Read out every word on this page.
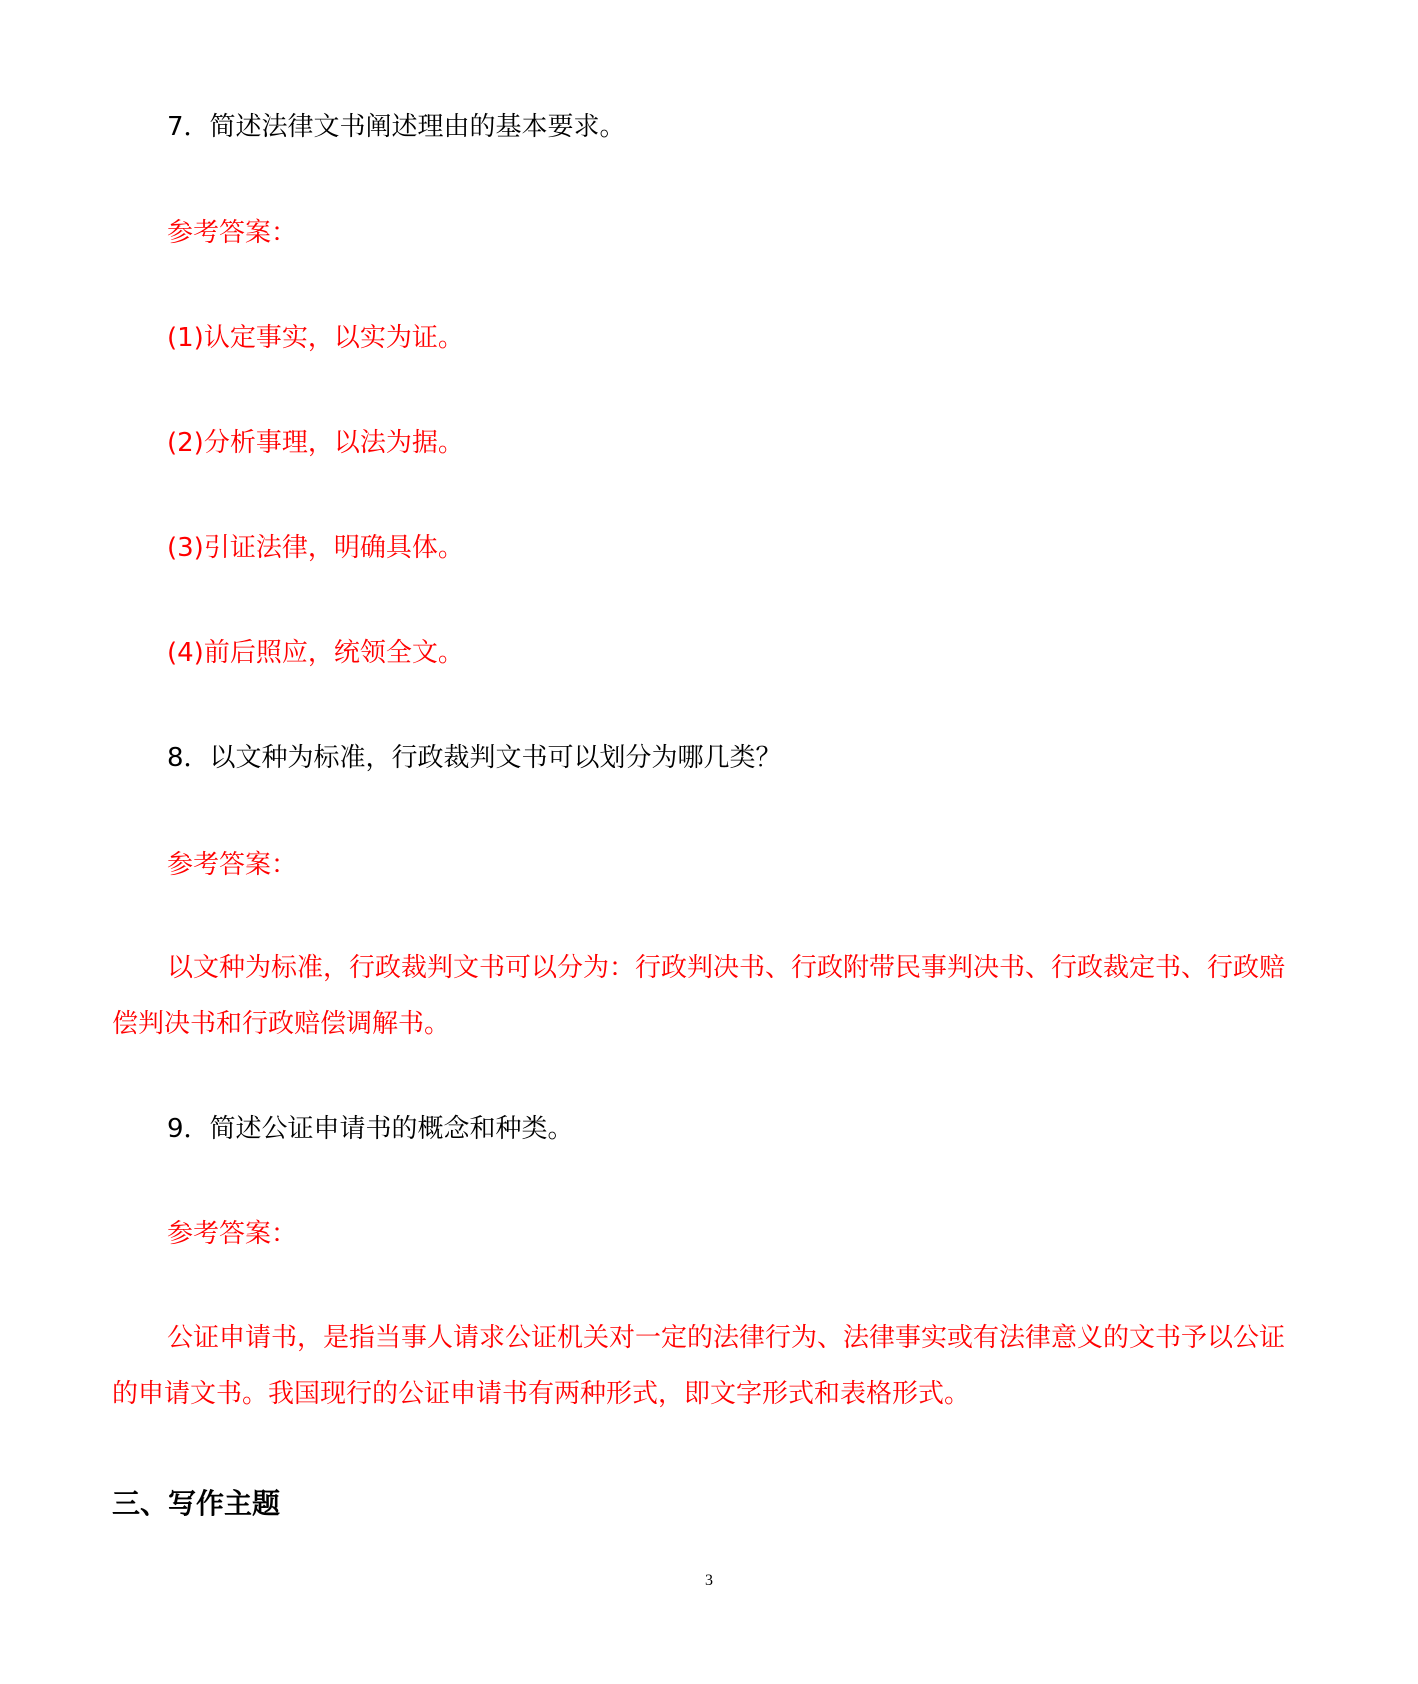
7．简述法律文书阐述理由的基本要求。
参考答案：
(1)认定事实，以实为证。
(2)分析事理，以法为据。
(3)引证法律，明确具体。
(4)前后照应，统领全文。
8．以文种为标准，行政裁判文书可以划分为哪几类？
参考答案：
以文种为标准，行政裁判文书可以分为：行政判决书、行政附带民事判决书、行政裁定书、行政赔偿判决书和行政赔偿调解书。
9．简述公证申请书的概念和种类。
参考答案：
公证申请书，是指当事人请求公证机关对一定的法律行为、法律事实或有法律意义的文书予以公证的申请文书。我国现行的公证申请书有两种形式，即文字形式和表格形式。
三、写作主题
3
